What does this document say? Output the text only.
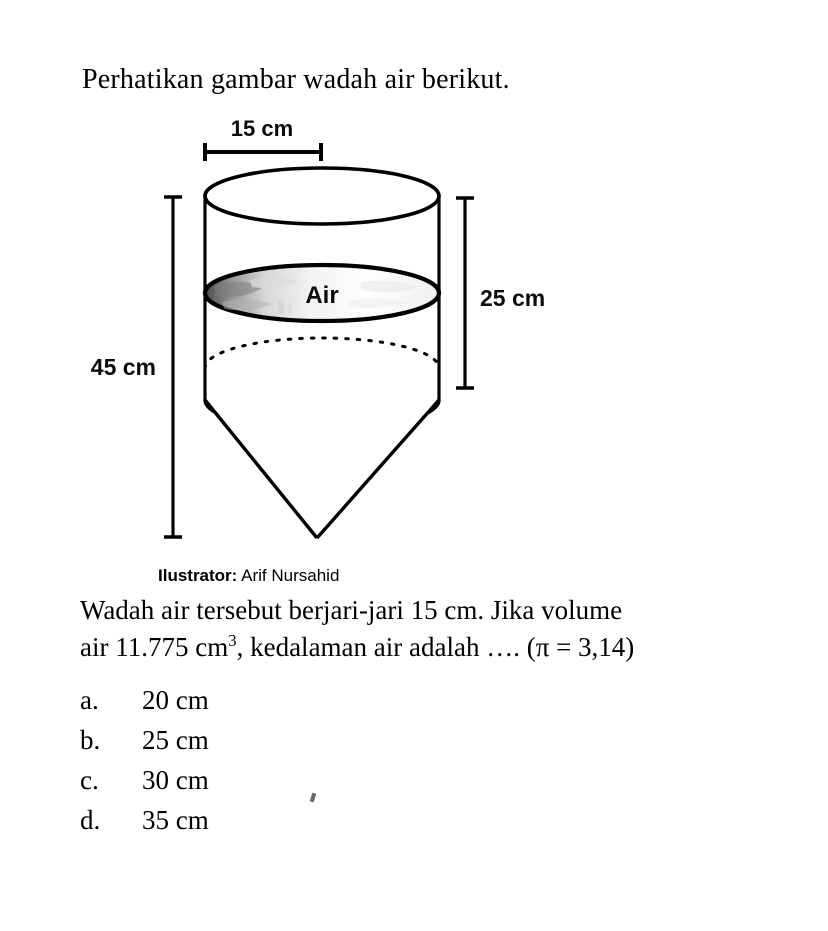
Perhatikan gambar wadah air berikut.
Air
15 cm
45 cm
25 cm
Ilustrator: Arif Nursahid
Wadah air tersebut berjari-jari 15 cm. Jika volume
air 11.775 $cm^3$, kedalaman air adalah …. (π = 3,14)
a.	20 cm
b.	25 cm
c.	30 cm
d.	35 cm
